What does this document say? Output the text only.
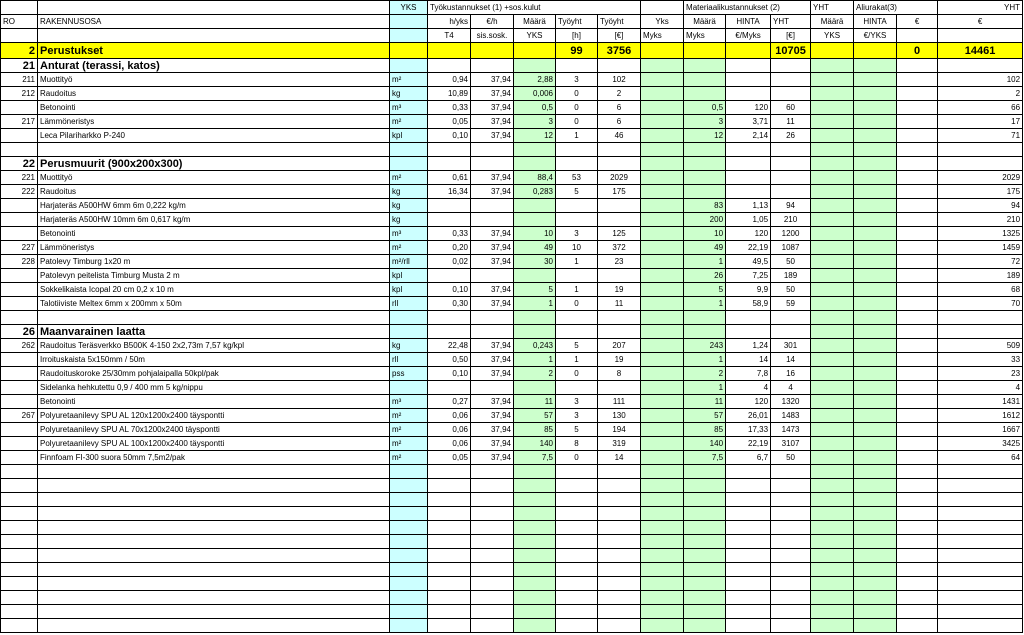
		YKS	Työkustannukset (1) +sos.kulut						Materiaalikustannukset (2)			YHT	Aliurakat(3)		YHT
RO	RAKENNUSOSA		h/yks	€/h	Määrä	Työyht	Työyht	Yks	Määrä	HINTA	YHT	Määrä	HINTA	€	€
			T4	sis.sosk.	YKS	[h]	[€]	Myks	Myks	€/Myks	[€]	YKS	€/YKS		
2	Perustukset					99	3756				10705			0	14461
21	Anturat (terassi, katos)														
211	Muottityö	m²	0,94	37,94	2,88	3	102								102
212	Raudoitus	kg	10,89	37,94	0,006	0	2								2
	Betonointi	m³	0,33	37,94	0,5	0	6		0,5	120	60				66
217	Lämmöneristys	m²	0,05	37,94	3	0	6		3	3,71	11				17
	Leca Pilariharkko P-240	kpl	0,10	37,94	12	1	46		12	2,14	26				71

22	Perusmuurit (900x200x300)														
221	Muottityö	m²	0,61	37,94	88,4	53	2029								2029
222	Raudoitus	kg	16,34	37,94	0,283	5	175								175
	Harjateräs A500HW 6mm 6m 0,222 kg/m	kg							83	1,13	94				94
	Harjateräs A500HW 10mm 6m 0,617 kg/m	kg							200	1,05	210				210
	Betonointi	m³	0,33	37,94	10	3	125		10	120	1200				1325
227	Lämmöneristys	m²	0,20	37,94	49	10	372		49	22,19	1087				1459
228	Patolevy Timburg 1x20 m	m²/rll	0,02	37,94	30	1	23		1	49,5	50				72
	Patolevyn peitelista Timburg Musta 2 m	kpl							26	7,25	189				189
	Sokkelikaista Icopal 20 cm 0,2 x 10 m	kpl	0,10	37,94	5	1	19		5	9,9	50				68
	Talotiiviste Meltex 6mm x 200mm x 50m	rll	0,30	37,94	1	0	11		1	58,9	59				70

26	Maanvarainen laatta														
262	Raudoitus Teräsverkko B500K 4-150 2x2,73m 7,57 kg/kpl	kg	22,48	37,94	0,243	5	207		243	1,24	301				509
	Irroituskaista 5x150mm / 50m	rll	0,50	37,94	1	1	19		1	14	14				33
	Raudoituskoroke 25/30mm pohjalaipalla 50kpl/pak	pss	0,10	37,94	2	0	8		2	7,8	16				23
	Sidelanka hehkutettu 0,9 / 400 mm 5 kg/nippu								1	4	4				4
	Betonointi	m³	0,27	37,94	11	3	111		11	120	1320				1431
267	Polyuretaanilevy SPU AL 120x1200x2400 täyspontti	m²	0,06	37,94	57	3	130		57	26,01	1483				1612
	Polyuretaanilevy SPU AL 70x1200x2400 täyspontti	m²	0,06	37,94	85	5	194		85	17,33	1473				1667
	Polyuretaanilevy SPU AL 100x1200x2400 täyspontti	m²	0,06	37,94	140	8	319		140	22,19	3107				3425
	Finnfoam FI-300 suora 50mm 7,5m2/pak	m²	0,05	37,94	7,5	0	14		7,5	6,7	50				64
